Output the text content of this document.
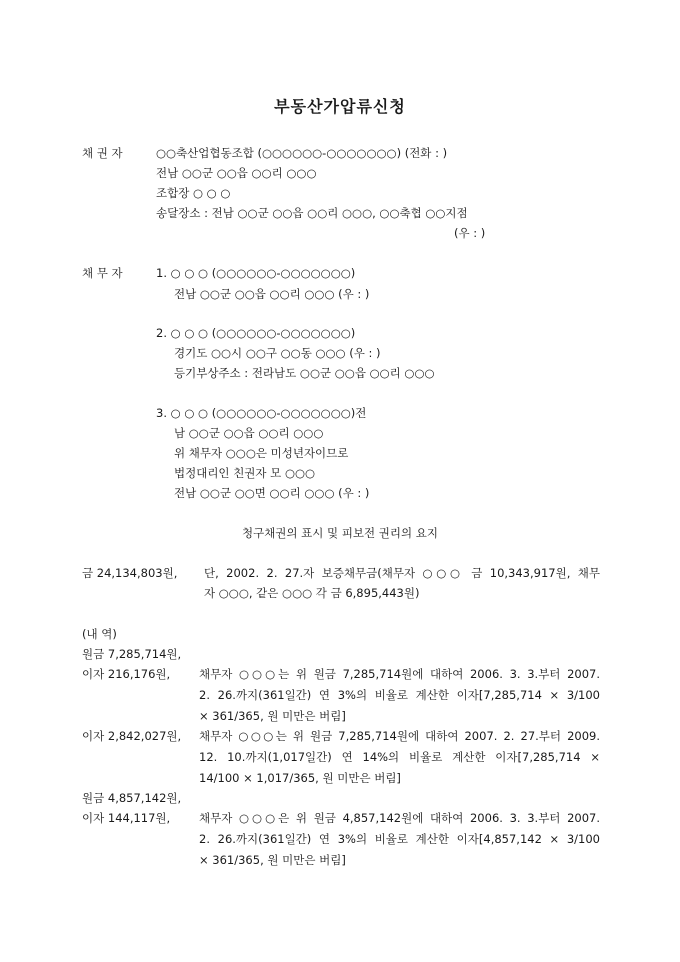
부동산가압류신청
채 권 자	○○축산업협동조합 (○○○○○○-○○○○○○○) (전화 : )
전남 ○○군 ○○읍 ○○리 ○○○
조합장 ○ ○ ○
송달장소 : 전남 ○○군 ○○읍 ○○리 ○○○, ○○축협 ○○지점
(우 : )
채 무 자	1. ○ ○ ○ (○○○○○○-○○○○○○○)
전남 ○○군 ○○읍 ○○리 ○○○ (우 : )
2. ○ ○ ○ (○○○○○○-○○○○○○○)
경기도 ○○시 ○○구 ○○동 ○○○ (우 : )
등기부상주소 : 전라남도 ○○군 ○○읍 ○○리 ○○○
3. ○ ○ ○ (○○○○○○-○○○○○○○)전
남 ○○군 ○○읍 ○○리 ○○○
위 채무자 ○○○은 미성년자이므로
법정대리인 친권자 모 ○○○
전남 ○○군 ○○면 ○○리 ○○○ (우 : )
청구채권의 표시 및 피보전 권리의 요지
금 24,134,803원, 단, 2002. 2. 27.자 보증채무금(채무자 ○○○ 금 10,343,917원, 채무
자 ○○○, 같은 ○○○ 각 금 6,895,443원)
(내 역)
원금 7,285,714원,
이자 216,176원,	채무자 ○○○는 위 원금 7,285,714원에 대하여 2006. 3. 3.부터 2007.
2. 26.까지(361일간) 연 3%의 비율로 계산한 이자[7,285,714 × 3/100
× 361/365, 원 미만은 버림]
이자 2,842,027원, 채무자 ○○○는 위 원금 7,285,714원에 대하여 2007. 2. 27.부터 2009.
12. 10.까지(1,017일간) 연 14%의 비율로 계산한 이자[7,285,714 ×
14/100 × 1,017/365, 원 미만은 버림]
원금 4,857,142원,
이자 144,117원,	채무자 ○○○은 위 원금 4,857,142원에 대하여 2006. 3. 3.부터 2007.
2. 26.까지(361일간) 연 3%의 비율로 계산한 이자[4,857,142 × 3/100
× 361/365, 원 미만은 버림]
